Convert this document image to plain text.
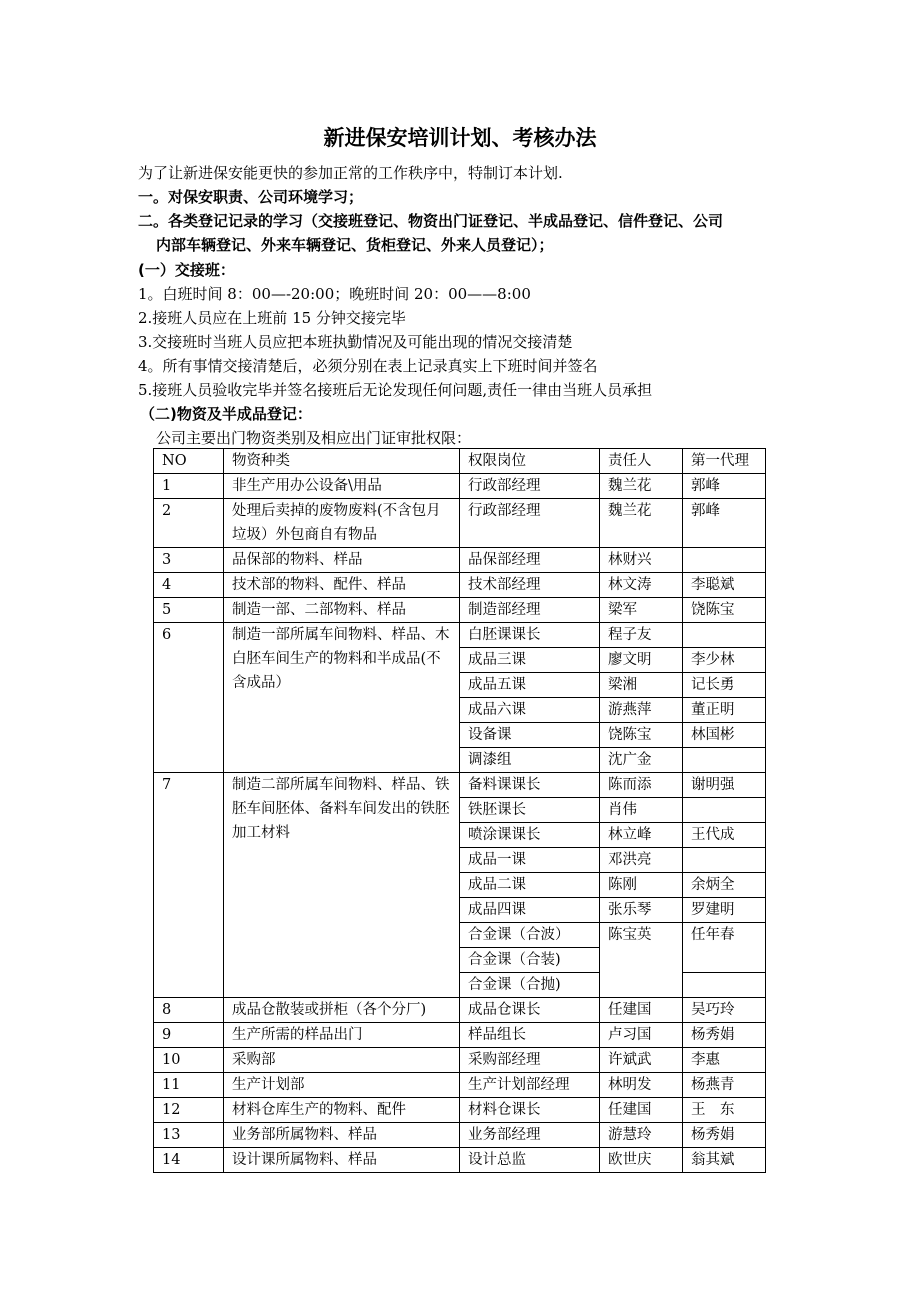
新进保安培训计划、考核办法
为了让新进保安能更快的参加正常的工作秩序中，特制订本计划.
一。对保安职责、公司环境学习；
二。各类登记记录的学习（交接班登记、物资出门证登记、半成品登记、信件登记、公司
内部车辆登记、外来车辆登记、货柜登记、外来人员登记）；
(一）交接班：
1。白班时间 8：00—-20:00；晚班时间 20：00——8:00
2.接班人员应在上班前 15 分钟交接完毕
3.交接班时当班人员应把本班执勤情况及可能出现的情况交接清楚
4。所有事情交接清楚后，必须分别在表上记录真实上下班时间并签名
5.接班人员验收完毕并签名接班后无论发现任何问题,责任一律由当班人员承担
（二)物资及半成品登记：
公司主要出门物资类别及相应出门证审批权限：
NO	物资种类	权限岗位	责任人	第一代理
1	非生产用办公设备\用品	行政部经理	魏兰花	郭峰
2	处理后卖掉的废物废料(不含包月垃圾）外包商自有物品	行政部经理	魏兰花	郭峰
3	品保部的物料、样品	品保部经理	林财兴	
4	技术部的物料、配件、样品	技术部经理	林文涛	李聪斌
5	制造一部、二部物料、样品	制造部经理	梁军	饶陈宝
6	制造一部所属车间物料、样品、木白胚车间生产的物料和半成品(不含成品）	白胚课课长	程子友	
		成品三课	廖文明	李少林
		成品五课	梁湘	记长勇
		成品六课	游燕萍	董正明
		设备课	饶陈宝	林国彬
		调漆组	沈广金	
7	制造二部所属车间物料、样品、铁胚车间胚体、备料车间发出的铁胚加工材料	备料课课长	陈而添	谢明强
		铁胚课长	肖伟	
		喷涂课课长	林立峰	王代成
		成品一课	邓洪亮	
		成品二课	陈刚	余炳全
		成品四课	张乐琴	罗建明
		合金课（合波）	陈宝英	任年春
		合金课（合装)		
		合金课（合抛)		
8	成品仓散装或拼柜（各个分厂)	成品仓课长	任建国	吴巧玲
9	生产所需的样品出门	样品组长	卢习国	杨秀娟
10	采购部	采购部经理	许斌武	李惠
11	生产计划部	生产计划部经理	林明发	杨燕青
12	材料仓库生产的物料、配件	材料仓课长	任建国	王　东
13	业务部所属物料、样品	业务部经理	游慧玲	杨秀娟
14	设计课所属物料、样品	设计总监	欧世庆	翁其斌
